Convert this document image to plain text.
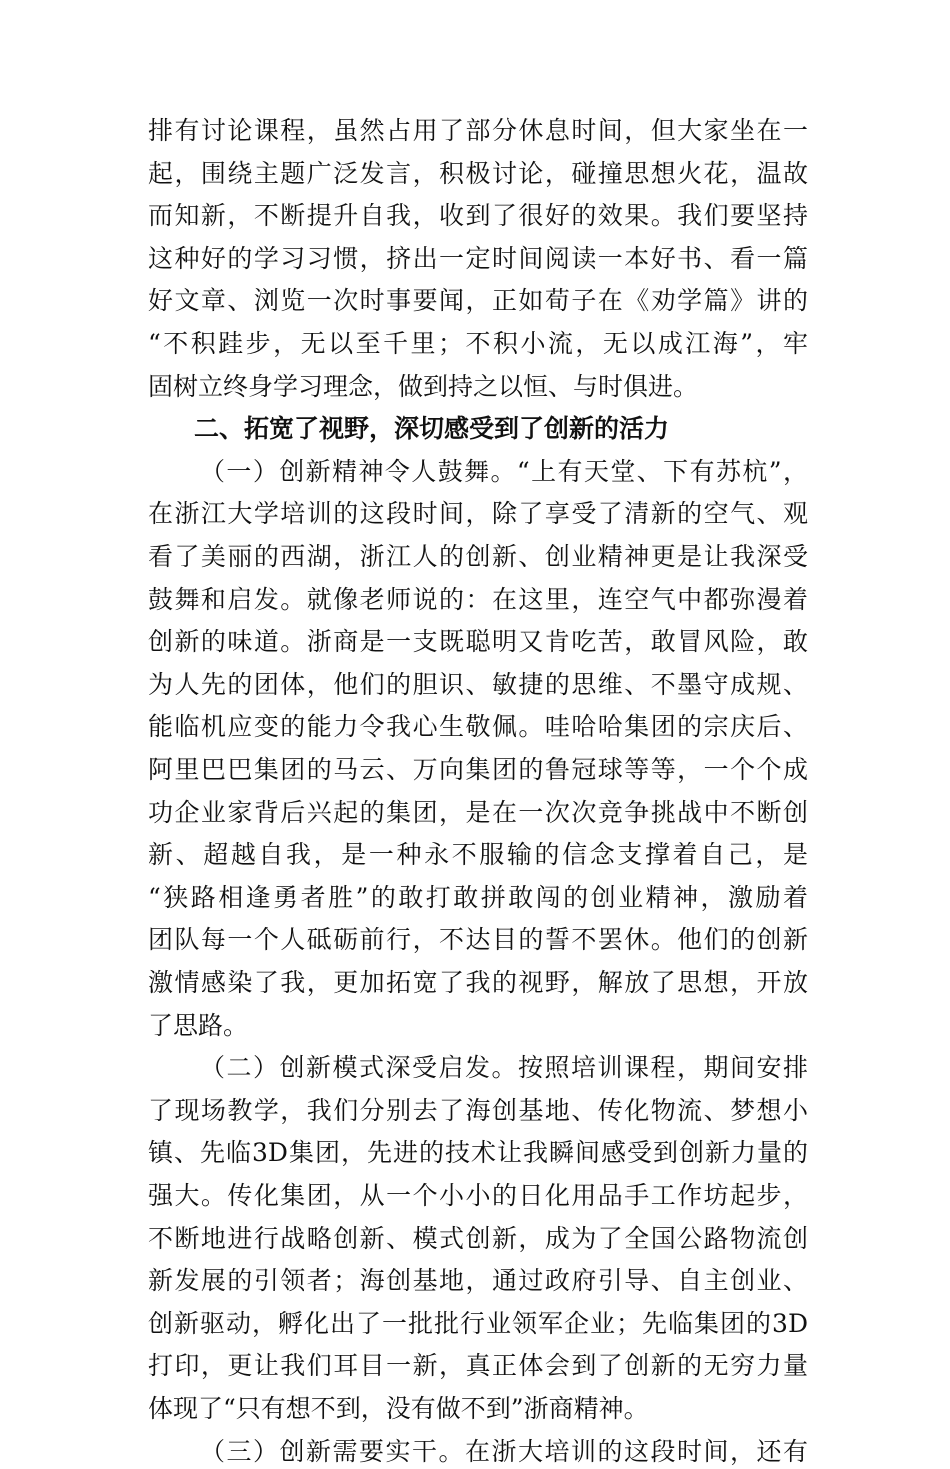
排有讨论课程，虽然占用了部分休息时间，但大家坐在一
起，围绕主题广泛发言，积极讨论，碰撞思想火花，温故
而知新，不断提升自我，收到了很好的效果。我们要坚持
这种好的学习习惯，挤出一定时间阅读一本好书、看一篇
好文章、浏览一次时事要闻，正如荀子在《劝学篇》讲的
“不积跬步，无以至千里；不积小流，无以成江海”，牢
固树立终身学习理念，做到持之以恒、与时俱进。
二、拓宽了视野，深切感受到了创新的活力
（一）创新精神令人鼓舞。“上有天堂、下有苏杭”，
在浙江大学培训的这段时间，除了享受了清新的空气、观
看了美丽的西湖，浙江人的创新、创业精神更是让我深受
鼓舞和启发。就像老师说的：在这里，连空气中都弥漫着
创新的味道。浙商是一支既聪明又肯吃苦，敢冒风险，敢
为人先的团体，他们的胆识、敏捷的思维、不墨守成规、
能临机应变的能力令我心生敬佩。哇哈哈集团的宗庆后、
阿里巴巴集团的马云、万向集团的鲁冠球等等，一个个成
功企业家背后兴起的集团，是在一次次竞争挑战中不断创
新、超越自我，是一种永不服输的信念支撑着自己，是
“狭路相逢勇者胜”的敢打敢拼敢闯的创业精神，激励着
团队每一个人砥砺前行，不达目的誓不罢休。他们的创新
激情感染了我，更加拓宽了我的视野，解放了思想，开放
了思路。
（二）创新模式深受启发。按照培训课程，期间安排
了现场教学，我们分别去了海创基地、传化物流、梦想小
镇、先临3D集团，先进的技术让我瞬间感受到创新力量的
强大。传化集团，从一个小小的日化用品手工作坊起步，
不断地进行战略创新、模式创新，成为了全国公路物流创
新发展的引领者；海创基地，通过政府引导、自主创业、
创新驱动，孵化出了一批批行业领军企业；先临集团的3D
打印，更让我们耳目一新，真正体会到了创新的无穷力量
体现了“只有想不到，没有做不到”浙商精神。
（三）创新需要实干。在浙大培训的这段时间，还有
